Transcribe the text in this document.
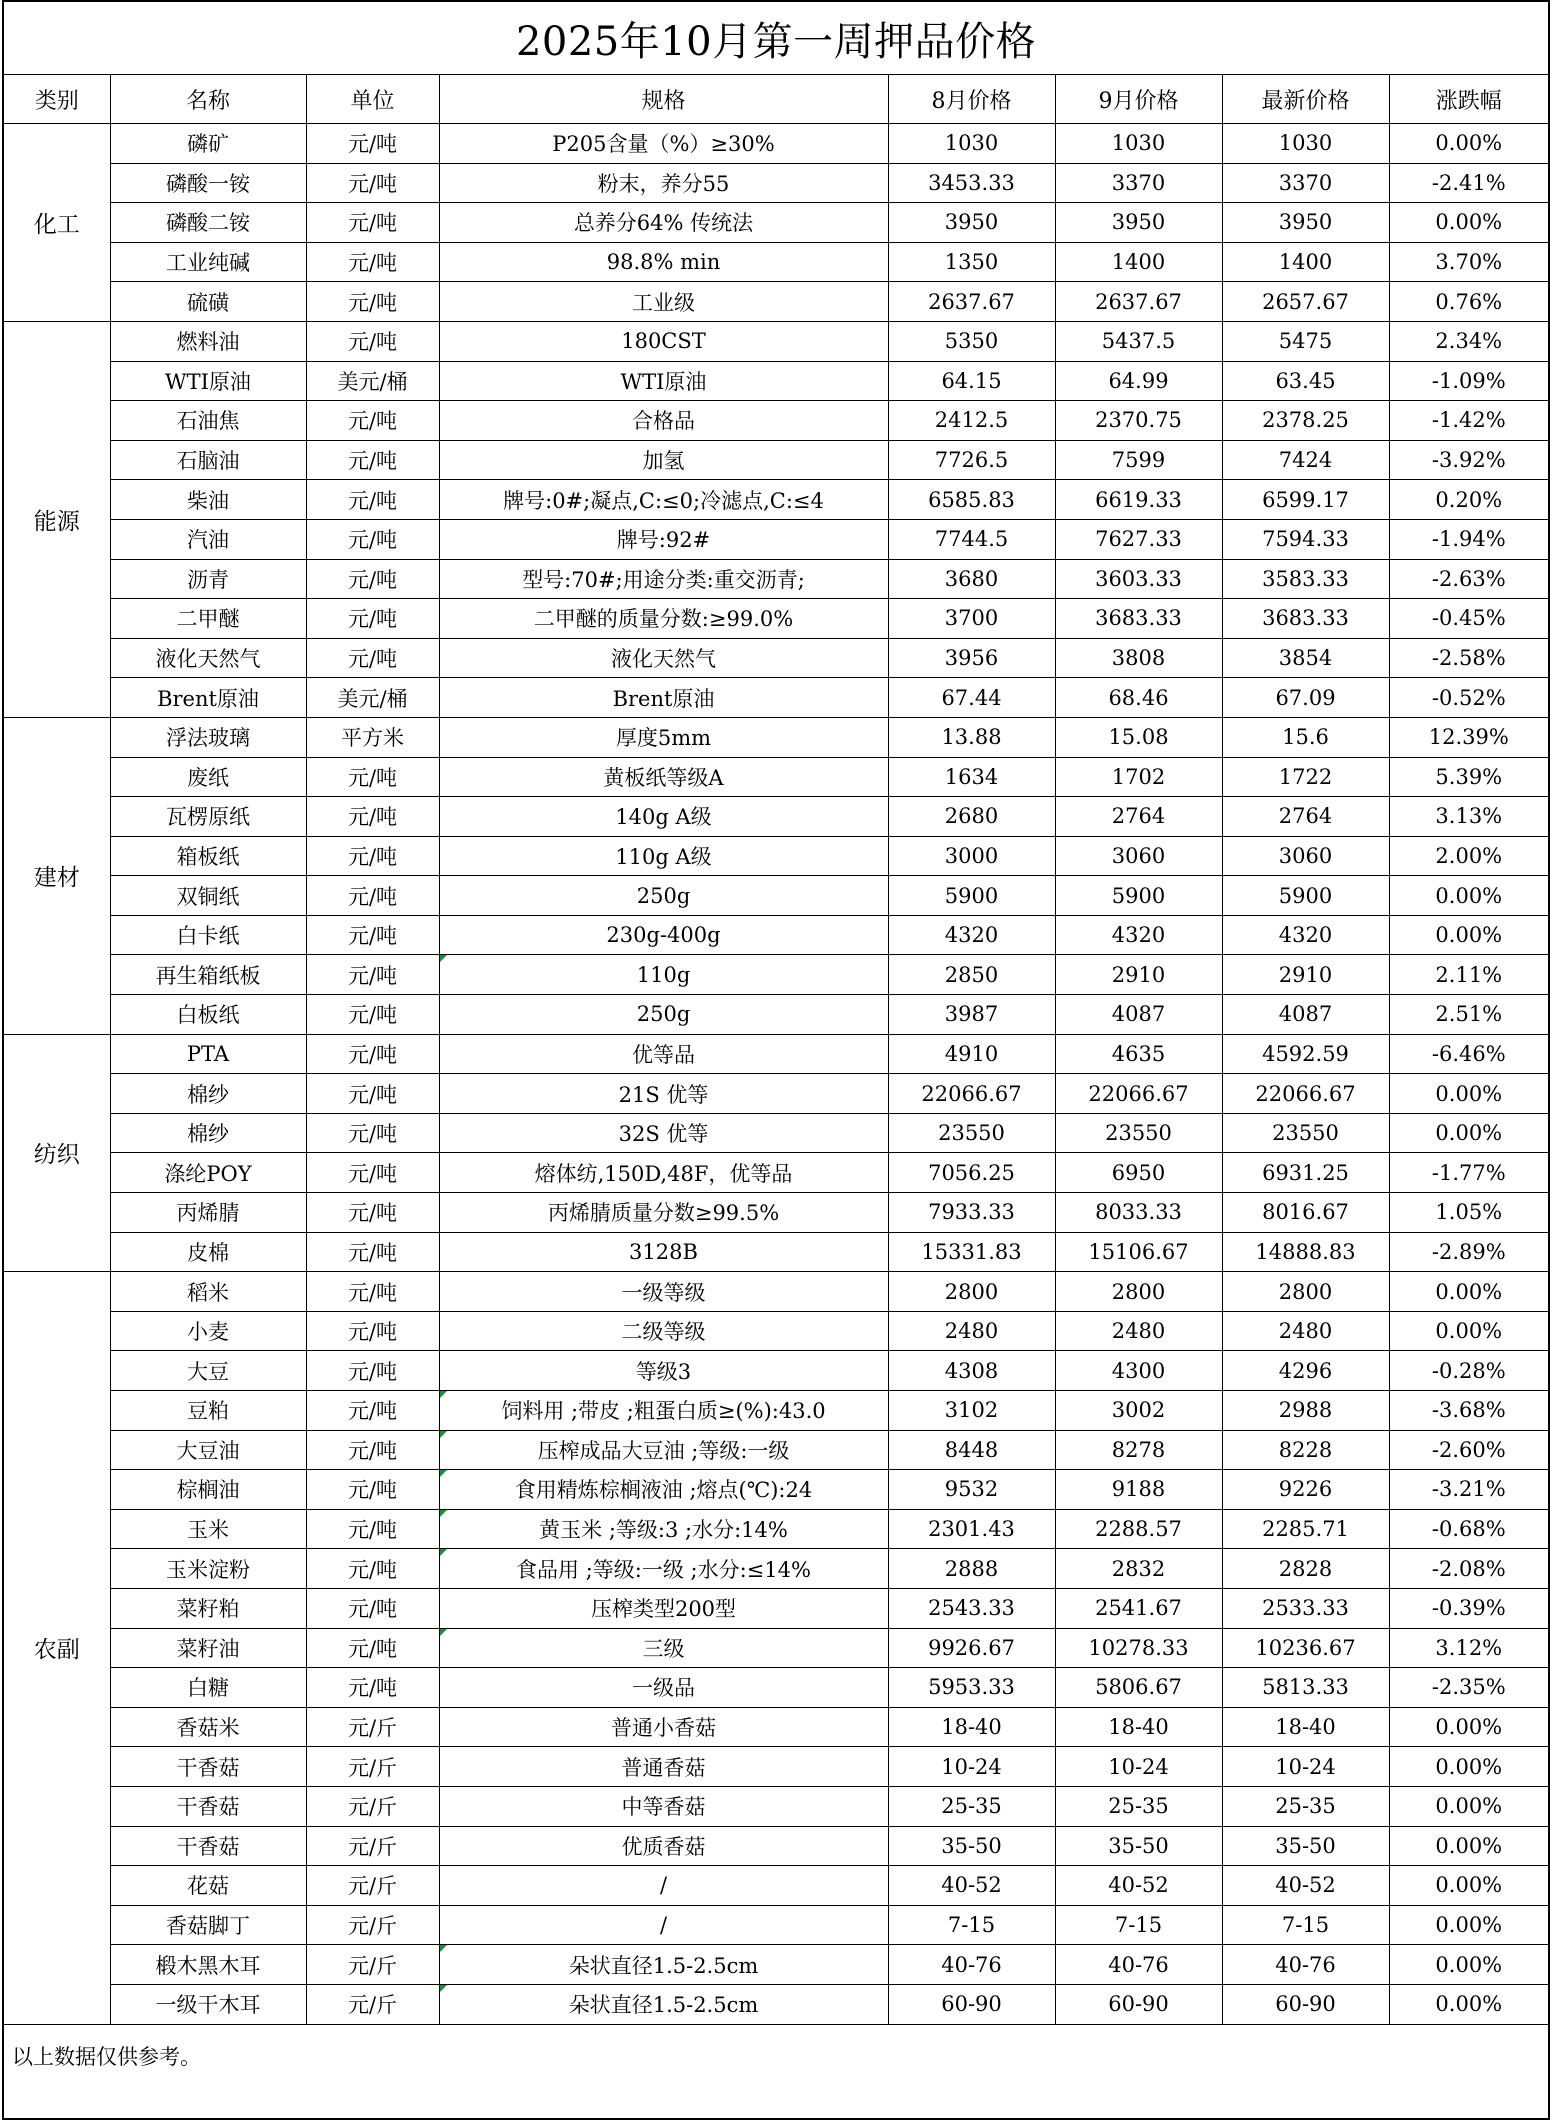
2025年10月第一周押品价格							
类别	名称	单位	规格	8月价格	9月价格	最新价格	涨跌幅
化工	磷矿	元/吨	P205含量（%）≥30%	1030	1030	1030	0.00%
	磷酸一铵	元/吨	粉末，养分55	3453.33	3370	3370	-2.41%
	磷酸二铵	元/吨	总养分64% 传统法	3950	3950	3950	0.00%
	工业纯碱	元/吨	98.8% min	1350	1400	1400	3.70%
	硫磺	元/吨	工业级	2637.67	2637.67	2657.67	0.76%
能源	燃料油	元/吨	180CST	5350	5437.5	5475	2.34%
	WTI原油	美元/桶	WTI原油	64.15	64.99	63.45	-1.09%
	石油焦	元/吨	合格品	2412.5	2370.75	2378.25	-1.42%
	石脑油	元/吨	加氢	7726.5	7599	7424	-3.92%
	柴油	元/吨	牌号:0#;凝点,C:≤0;冷滤点,C:≤4	6585.83	6619.33	6599.17	0.20%
	汽油	元/吨	牌号:92#	7744.5	7627.33	7594.33	-1.94%
	沥青	元/吨	型号:70#;用途分类:重交沥青;	3680	3603.33	3583.33	-2.63%
	二甲醚	元/吨	二甲醚的质量分数:≥99.0%	3700	3683.33	3683.33	-0.45%
	液化天然气	元/吨	液化天然气	3956	3808	3854	-2.58%
	Brent原油	美元/桶	Brent原油	67.44	68.46	67.09	-0.52%
建材	浮法玻璃	平方米	厚度5mm	13.88	15.08	15.6	12.39%
	废纸	元/吨	黄板纸等级A	1634	1702	1722	5.39%
	瓦楞原纸	元/吨	140g A级	2680	2764	2764	3.13%
	箱板纸	元/吨	110g A级	3000	3060	3060	2.00%
	双铜纸	元/吨	250g	5900	5900	5900	0.00%
	白卡纸	元/吨	230g-400g	4320	4320	4320	0.00%
	再生箱纸板	元/吨	110g	2850	2910	2910	2.11%
	白板纸	元/吨	250g	3987	4087	4087	2.51%
纺织	PTA	元/吨	优等品	4910	4635	4592.59	-6.46%
	棉纱	元/吨	21S 优等	22066.67	22066.67	22066.67	0.00%
	棉纱	元/吨	32S 优等	23550	23550	23550	0.00%
	涤纶POY	元/吨	熔体纺,150D,48F，优等品	7056.25	6950	6931.25	-1.77%
	丙烯腈	元/吨	丙烯腈质量分数≥99.5%	7933.33	8033.33	8016.67	1.05%
	皮棉	元/吨	3128B	15331.83	15106.67	14888.83	-2.89%
农副	稻米	元/吨	一级等级	2800	2800	2800	0.00%
	小麦	元/吨	二级等级	2480	2480	2480	0.00%
	大豆	元/吨	等级3	4308	4300	4296	-0.28%
	豆粕	元/吨	饲料用 ;带皮 ;粗蛋白质≥(%):43.0	3102	3002	2988	-3.68%
	大豆油	元/吨	压榨成品大豆油 ;等级:一级	8448	8278	8228	-2.60%
	棕榈油	元/吨	食用精炼棕榈液油 ;熔点(℃):24	9532	9188	9226	-3.21%
	玉米	元/吨	黄玉米 ;等级:3 ;水分:14%	2301.43	2288.57	2285.71	-0.68%
	玉米淀粉	元/吨	食品用 ;等级:一级 ;水分:≤14%	2888	2832	2828	-2.08%
	菜籽粕	元/吨	压榨类型200型	2543.33	2541.67	2533.33	-0.39%
	菜籽油	元/吨	三级	9926.67	10278.33	10236.67	3.12%
	白糖	元/吨	一级品	5953.33	5806.67	5813.33	-2.35%
	香菇米	元/斤	普通小香菇	18-40	18-40	18-40	0.00%
	干香菇	元/斤	普通香菇	10-24	10-24	10-24	0.00%
	干香菇	元/斤	中等香菇	25-35	25-35	25-35	0.00%
	干香菇	元/斤	优质香菇	35-50	35-50	35-50	0.00%
	花菇	元/斤	/	40-52	40-52	40-52	0.00%
	香菇脚丁	元/斤	/	7-15	7-15	7-15	0.00%
	椴木黑木耳	元/斤	朵状直径1.5-2.5cm	40-76	40-76	40-76	0.00%
	一级干木耳	元/斤	朵状直径1.5-2.5cm	60-90	60-90	60-90	0.00%
以上数据仅供参考。							
